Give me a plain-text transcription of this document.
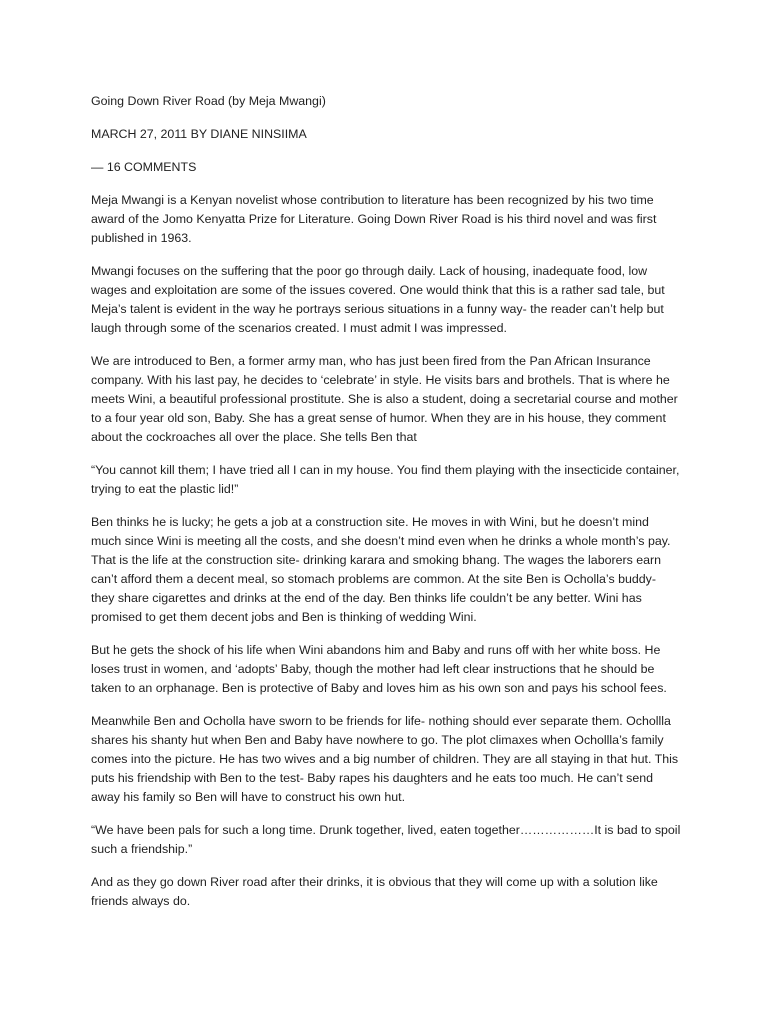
Going Down River Road (by Meja Mwangi)

MARCH 27, 2011 BY DIANE NINSIIMA

— 16 COMMENTS

Meja Mwangi is a Kenyan novelist whose contribution to literature has been recognized by his two time award of the Jomo Kenyatta Prize for Literature. Going Down River Road is his third novel and was first published in 1963.

Mwangi focuses on the suffering that the poor go through daily. Lack of housing, inadequate food, low wages and exploitation are some of the issues covered. One would think that this is a rather sad tale, but Meja’s talent is evident in the way he portrays serious situations in a funny way- the reader can’t help but laugh through some of the scenarios created. I must admit I was impressed.

We are introduced to Ben, a former army man, who has just been fired from the Pan African Insurance company. With his last pay, he decides to ‘celebrate’ in style. He visits bars and brothels. That is where he meets Wini, a beautiful professional prostitute. She is also a student, doing a secretarial course and mother to a four year old son, Baby. She has a great sense of humor. When they are in his house, they comment about the cockroaches all over the place. She tells Ben that

“You cannot kill them; I have tried all I can in my house. You find them playing with the insecticide container, trying to eat the plastic lid!”

Ben thinks he is lucky; he gets a job at a construction site. He moves in with Wini, but he doesn’t mind much since Wini is meeting all the costs, and she doesn’t mind even when he drinks a whole month’s pay. That is the life at the construction site- drinking karara and smoking bhang. The wages the laborers earn can’t afford them a decent meal, so stomach problems are common. At the site Ben is Ocholla’s buddy- they share cigarettes and drinks at the end of the day. Ben thinks life couldn’t be any better. Wini has promised to get them decent jobs and Ben is thinking of wedding Wini.

But he gets the shock of his life when Wini abandons him and Baby and runs off with her white boss. He loses trust in women, and ‘adopts’ Baby, though the mother had left clear instructions that he should be taken to an orphanage. Ben is protective of Baby and loves him as his own son and pays his school fees.

Meanwhile Ben and Ocholla have sworn to be friends for life- nothing should ever separate them. Ochollla shares his shanty hut when Ben and Baby have nowhere to go. The plot climaxes when Ochollla’s family comes into the picture. He has two wives and a big number of children. They are all staying in that hut. This puts his friendship with Ben to the test- Baby rapes his daughters and he eats too much. He can’t send away his family so Ben will have to construct his own hut.

“We have been pals for such a long time. Drunk together, lived, eaten together………………It is bad to spoil such a friendship.”

And as they go down River road after their drinks, it is obvious that they will come up with a solution like friends always do.
